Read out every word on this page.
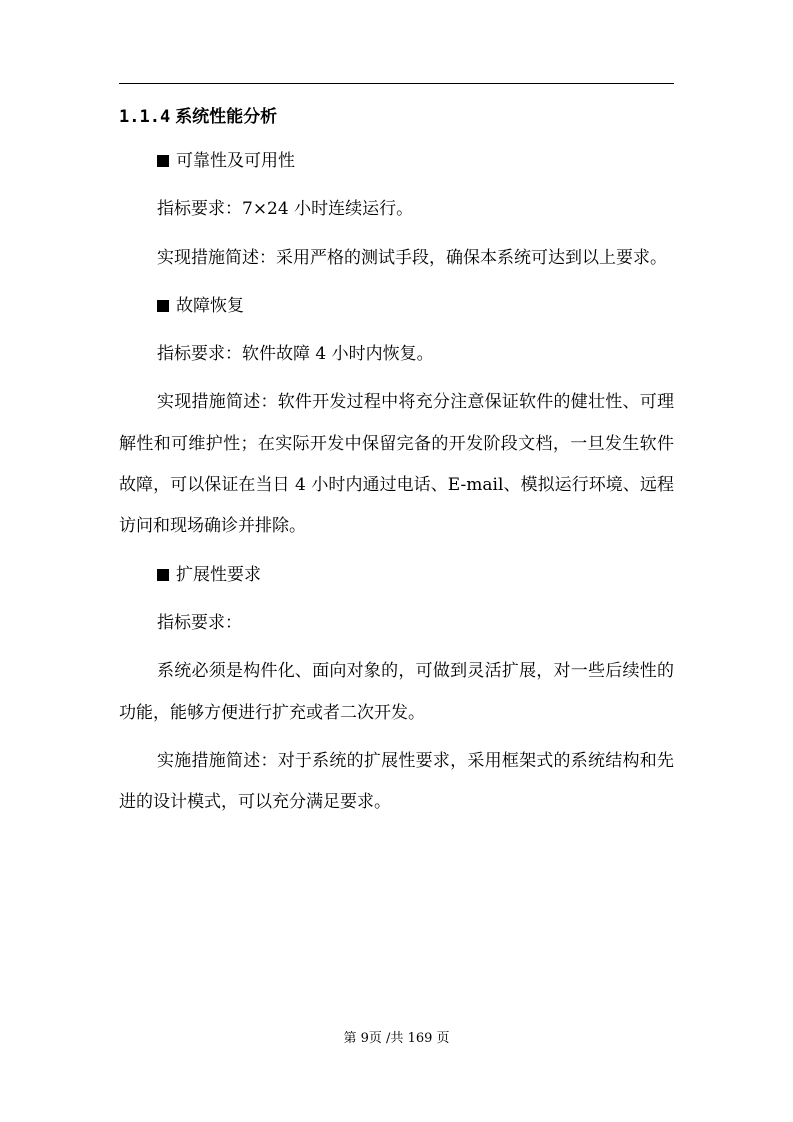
1.1.4 系统性能分析

可靠性及可用性

指标要求：7×24 小时连续运行。

实现措施简述：采用严格的测试手段，确保本系统可达到以上要求。

故障恢复

指标要求：软件故障 4 小时内恢复。

实现措施简述：软件开发过程中将充分注意保证软件的健壮性、可理解性和可维护性；在实际开发中保留完备的开发阶段文档，一旦发生软件故障，可以保证在当日 4 小时内通过电话、E-mail、模拟运行环境、远程访问和现场确诊并排除。

扩展性要求

指标要求：

系统必须是构件化、面向对象的，可做到灵活扩展，对一些后续性的功能，能够方便进行扩充或者二次开发。

实施措施简述：对于系统的扩展性要求，采用框架式的系统结构和先进的设计模式，可以充分满足要求。

第 9页 /共 169 页
